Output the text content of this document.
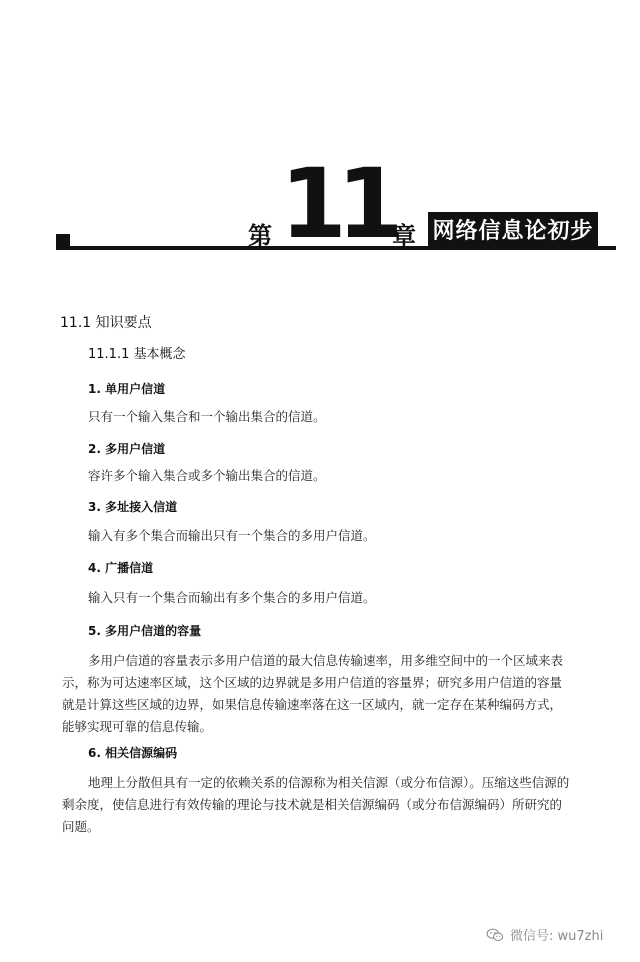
第 11
章 网络信息论初步
11.1 知识要点
11.1.1 基本概念
1. 单用户信道
只有一个输入集合和一个输出集合的信道。
2. 多用户信道
容许多个输入集合或多个输出集合的信道。
3. 多址接入信道
输入有多个集合而输出只有一个集合的多用户信道。
4. 广播信道
输入只有一个集合而输出有多个集合的多用户信道。
5. 多用户信道的容量
多用户信道的容量表示多用户信道的最大信息传输速率，用多维空间中的一个区域来表
示，称为可达速率区域，这个区域的边界就是多用户信道的容量界；研究多用户信道的容量
就是计算这些区域的边界，如果信息传输速率落在这一区域内，就一定存在某种编码方式，
能够实现可靠的信息传输。
6. 相关信源编码
地理上分散但具有一定的依赖关系的信源称为相关信源（或分布信源）。压缩这些信源的
剩余度，使信息进行有效传输的理论与技术就是相关信源编码（或分布信源编码）所研究的
问题。
微信号: wu7zhi
